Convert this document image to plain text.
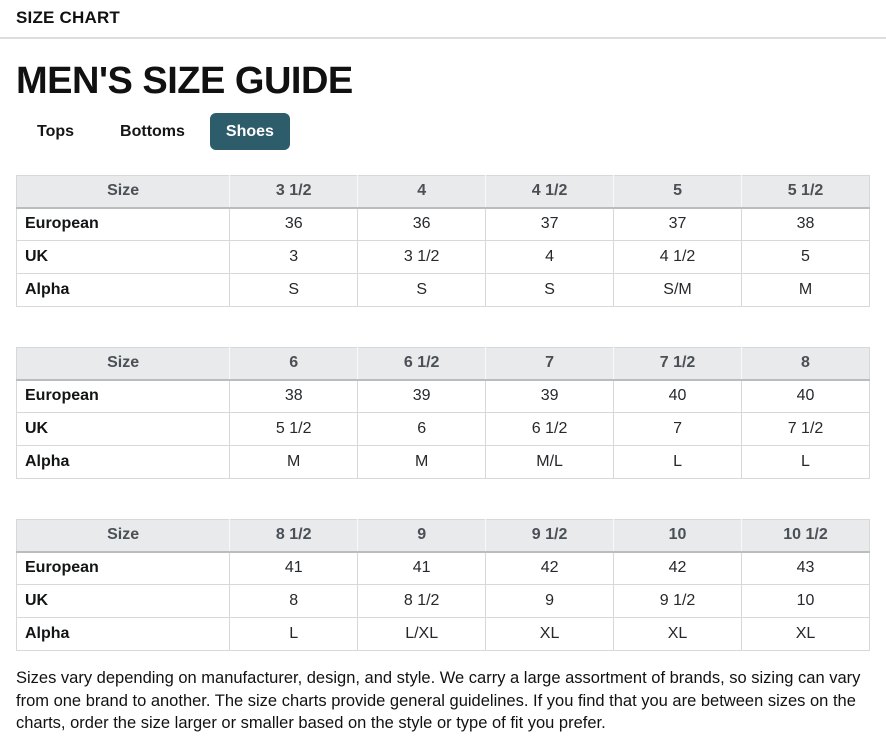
SIZE CHART
MEN'S SIZE GUIDE
Tops	Bottoms	Shoes
Size	3 1/2	4	4 1/2	5	5 1/2
European	36	36	37	37	38
UK	3	3 1/2	4	4 1/2	5
Alpha	S	S	S	S/M	M
Size	6	6 1/2	7	7 1/2	8
European	38	39	39	40	40
UK	5 1/2	6	6 1/2	7	7 1/2
Alpha	M	M	M/L	L	L
Size	8 1/2	9	9 1/2	10	10 1/2
European	41	41	42	42	43
UK	8	8 1/2	9	9 1/2	10
Alpha	L	L/XL	XL	XL	XL

Sizes vary depending on manufacturer, design, and style. We carry a large assortment of brands, so sizing can vary from one brand to another. The size charts provide general guidelines. If you find that you are between sizes on the charts, order the size larger or smaller based on the style or type of fit you prefer.
